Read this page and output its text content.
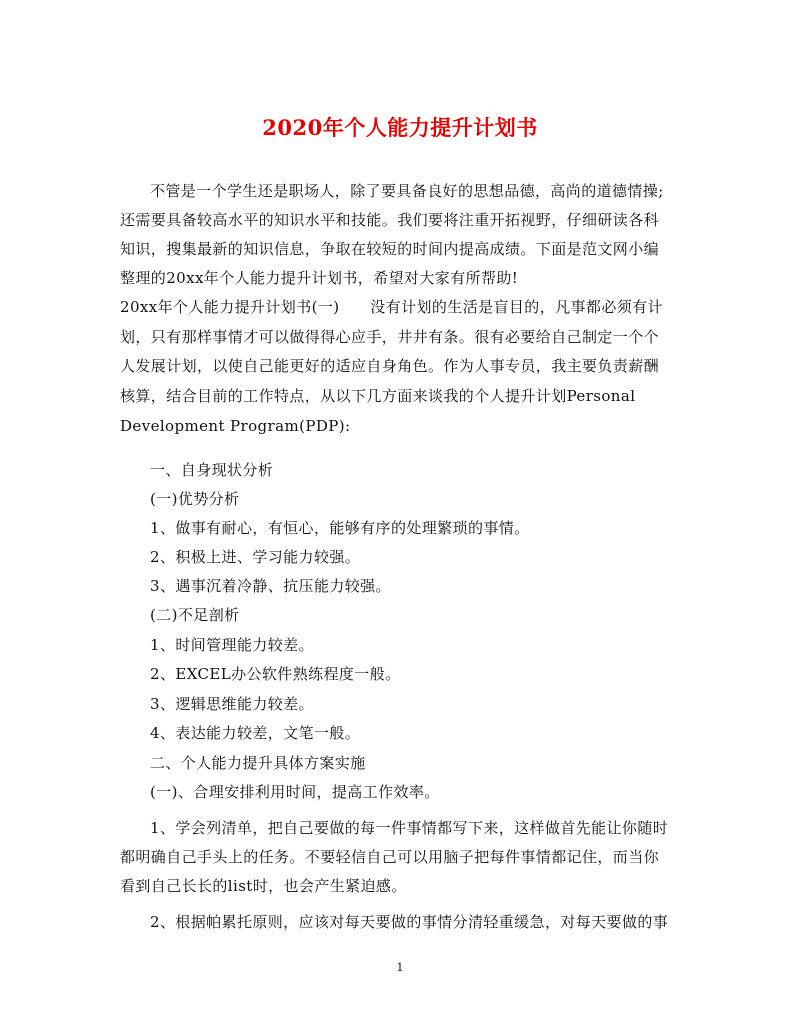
2020年个人能力提升计划书
不管是一个学生还是职场人，除了要具备良好的思想品德，高尚的道德情操;
还需要具备较高水平的知识水平和技能。我们要将注重开拓视野，仔细研读各科
知识，搜集最新的知识信息，争取在较短的时间内提高成绩。下面是范文网小编
整理的20xx年个人能力提升计划书，希望对大家有所帮助!
20xx年个人能力提升计划书(一)　　没有计划的生活是盲目的，凡事都必须有计
划，只有那样事情才可以做得得心应手，井井有条。很有必要给自己制定一个个
人发展计划，以使自己能更好的适应自身角色。作为人事专员，我主要负责薪酬
核算，结合目前的工作特点，从以下几方面来谈我的个人提升计划Personal
Development Program(PDP):
一、自身现状分析
(一)优势分析
1、做事有耐心，有恒心，能够有序的处理繁琐的事情。
2、积极上进、学习能力较强。
3、遇事沉着冷静、抗压能力较强。
(二)不足剖析
1、时间管理能力较差。
2、EXCEL办公软件熟练程度一般。
3、逻辑思维能力较差。
4、表达能力较差，文笔一般。
二、个人能力提升具体方案实施
(一)、合理安排利用时间，提高工作效率。
1、学会列清单，把自己要做的每一件事情都写下来，这样做首先能让你随时
都明确自己手头上的任务。不要轻信自己可以用脑子把每件事情都记住，而当你
看到自己长长的list时，也会产生紧迫感。
2、根据帕累托原则，应该对每天要做的事情分清轻重缓急，对每天要做的事
1
